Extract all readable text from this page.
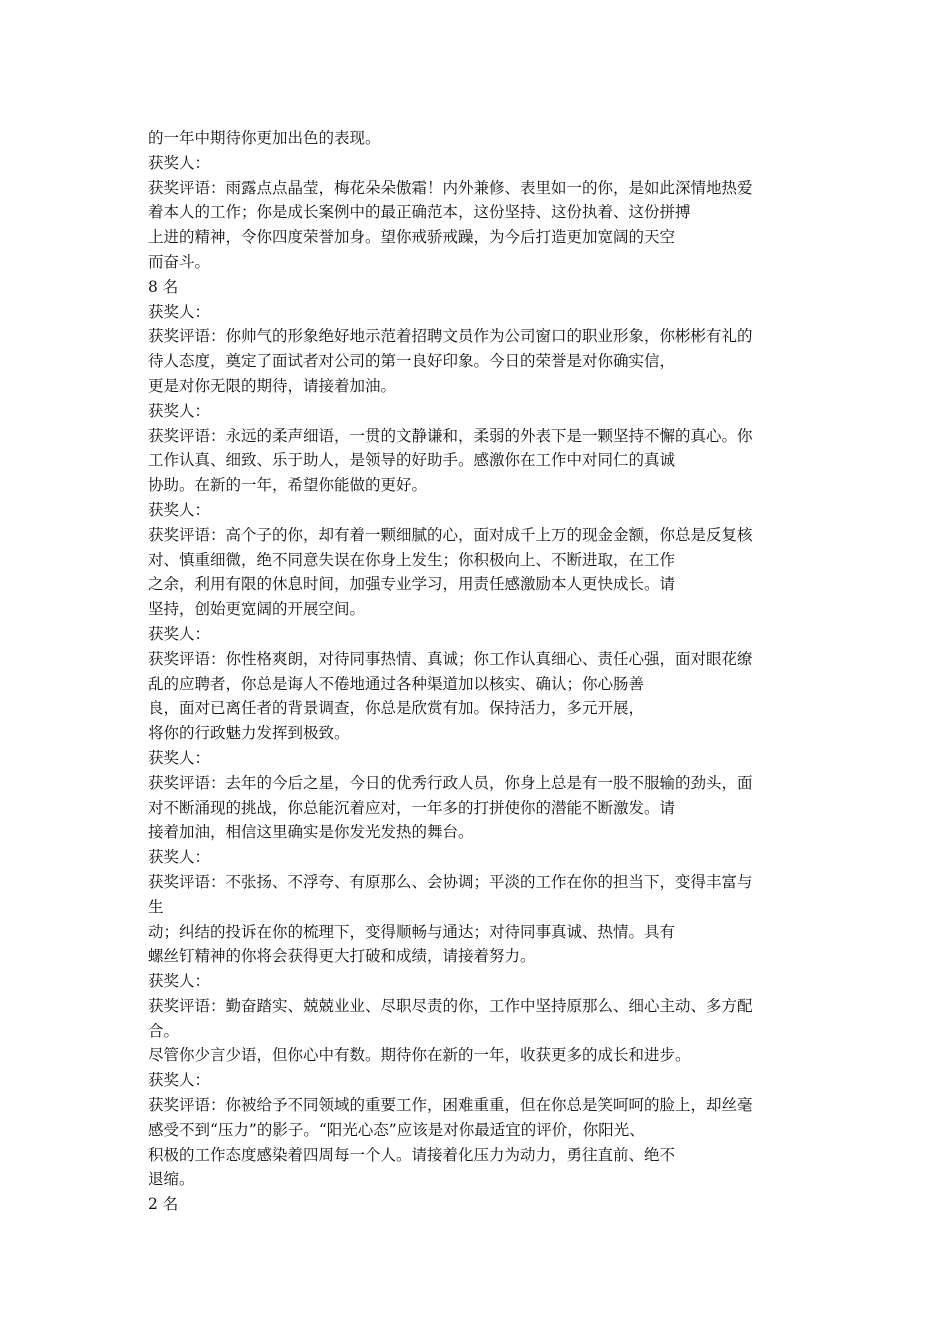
的一年中期待你更加出色的表现。
获奖人：
获奖评语：雨露点点晶莹，梅花朵朵傲霜！内外兼修、表里如一的你，是如此深情地热爱
着本人的工作；你是成长案例中的最正确范本，这份坚持、这份执着、这份拼搏
上进的精神，令你四度荣誉加身。望你戒骄戒躁，为今后打造更加宽阔的天空
而奋斗。
8 名
获奖人：
获奖评语：你帅气的形象绝好地示范着招聘文员作为公司窗口的职业形象，你彬彬有礼的
待人态度，奠定了面试者对公司的第一良好印象。今日的荣誉是对你确实信，
更是对你无限的期待，请接着加油。
获奖人：
获奖评语：永远的柔声细语，一贯的文静谦和，柔弱的外表下是一颗坚持不懈的真心。你
工作认真、细致、乐于助人，是领导的好助手。感激你在工作中对同仁的真诚
协助。在新的一年，希望你能做的更好。
获奖人：
获奖评语：高个子的你，却有着一颗细腻的心，面对成千上万的现金金额，你总是反复核
对、慎重细微，绝不同意失误在你身上发生；你积极向上、不断进取，在工作
之余，利用有限的休息时间，加强专业学习，用责任感激励本人更快成长。请
坚持，创始更宽阔的开展空间。
获奖人：
获奖评语：你性格爽朗，对待同事热情、真诚；你工作认真细心、责任心强，面对眼花缭
乱的应聘者，你总是诲人不倦地通过各种渠道加以核实、确认；你心肠善
良，面对已离任者的背景调查，你总是欣赏有加。保持活力，多元开展，
将你的行政魅力发挥到极致。
获奖人：
获奖评语：去年的今后之星，今日的优秀行政人员，你身上总是有一股不服输的劲头，面
对不断涌现的挑战，你总能沉着应对，一年多的打拼使你的潜能不断激发。请
接着加油，相信这里确实是你发光发热的舞台。
获奖人：
获奖评语：不张扬、不浮夸、有原那么、会协调；平淡的工作在你的担当下，变得丰富与
生
动；纠结的投诉在你的梳理下，变得顺畅与通达；对待同事真诚、热情。具有
螺丝钉精神的你将会获得更大打破和成绩，请接着努力。
获奖人：
获奖评语：勤奋踏实、兢兢业业、尽职尽责的你，工作中坚持原那么、细心主动、多方配
合。
尽管你少言少语，但你心中有数。期待你在新的一年，收获更多的成长和进步。
获奖人：
获奖评语：你被给予不同领域的重要工作，困难重重，但在你总是笑呵呵的脸上，却丝毫
感受不到“压力”的影子。“阳光心态”应该是对你最适宜的评价，你阳光、
积极的工作态度感染着四周每一个人。请接着化压力为动力，勇往直前、绝不
退缩。
2 名
